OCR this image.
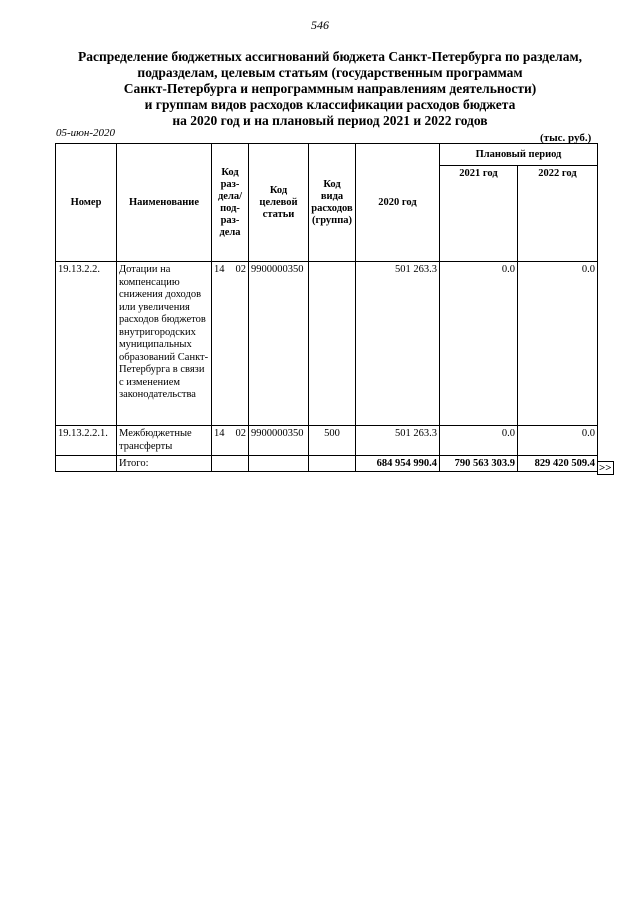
546
Распределение бюджетных ассигнований бюджета Санкт-Петербурга по разделам,
подразделам, целевым статьям (государственным программам
Санкт-Петербурга и непрограммным направлениям деятельности)
и группам видов расходов классификации расходов бюджета
на 2020 год и на плановый период 2021 и 2022 годов
05-июн-2020	(тыс. руб.)
Номер	Наименование	Код раз-дела/ под-раз-дела	Код целевой статьи	Код вида расходов (группа)	2020 год	Плановый период	
						2021 год	2022 год
19.13.2.2.	Дотации на компенсацию снижения доходов или увеличения расходов бюджетов внутригородских муниципальных образований Санкт-Петербурга в связи с изменением законодательства	14 02	9900000350		501 263.3	0.0	0.0
19.13.2.2.1.	Межбюджетные трансферты	14 02	9900000350	500	501 263.3	0.0	0.0
	Итого:				684 954 990.4	790 563 303.9	829 420 509.4 >>
